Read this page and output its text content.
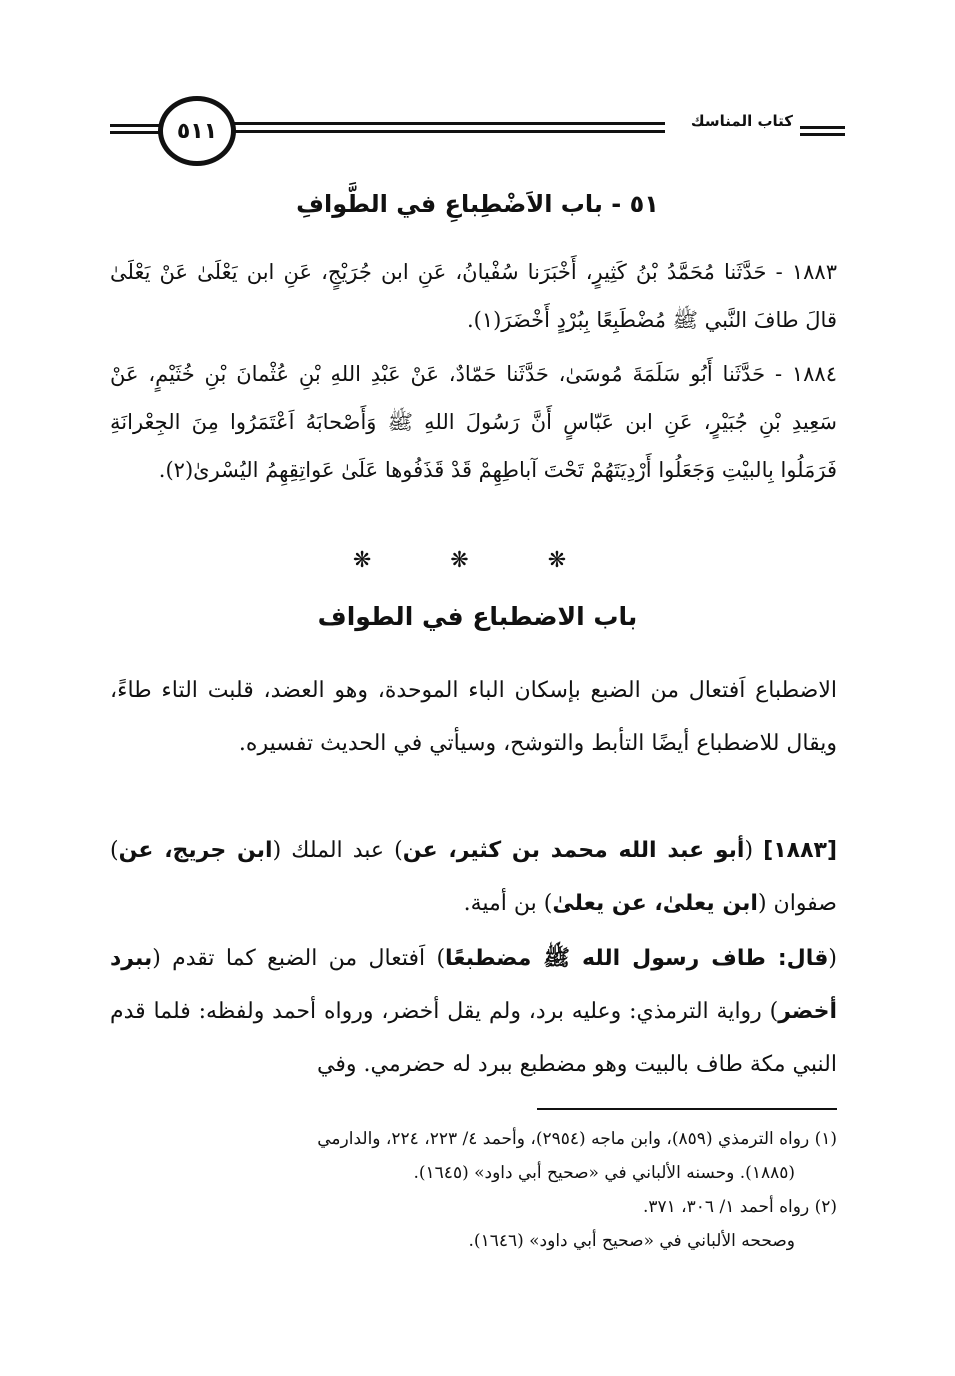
٥١١	كتاب المناسك
٥١ - باب الاَضْطِباعِ في الطَّوافِ
١٨٨٣ - حَدَّثَنا مُحَمَّدُ بْنُ كَثِيرٍ، أَخْبَرَنا سُفْيانُ، عَنِ ابن جُرَيْجٍ، عَنِ ابن يَعْلَىٰ عَنْ يَعْلَىٰ قالَ طافَ النَّبي ﷺ مُضْطَبِعًا بِبُرْدٍ أَخْضَرَ(١).
١٨٨٤ - حَدَّثَنا أَبُو سَلَمَةَ مُوسَىٰ، حَدَّثَنا حَمّادٌ، عَنْ عَبْدِ اللهِ بْنِ عُثْمانَ بْنِ خُثَيْمٍ، عَنْ سَعِيدِ بْنِ جُبَيْرٍ، عَنِ ابن عَبّاسٍ أَنَّ رَسُولَ اللهِ ﷺ وَأَصْحابَهُ اَعْتَمَرُوا مِنَ الجِعْرانَةِ فَرَمَلُوا بِالبيْتِ وَجَعَلُوا أَرْدِيَتَهُمْ تَحْتَ آباطِهِمْ قَدْ قَذَفُوها عَلَىٰ عَواتِقِهِمُ اليُسْرىٰ(٢).
❋ ❋ ❋
باب الاضطباع في الطواف
الاضطباع اَفتعال من الضبع بإسكان الباء الموحدة، وهو العضد، قلبت التاء طاءً، ويقال للاضطباع أيضًا التأبط والتوشح، وسيأتي في الحديث تفسيره.
[١٨٨٣] (أبو عبد الله محمد بن كثير، عن) عبد الملك (ابن جريج، عن) صفوان (ابن يعلىٰ، عن يعلىٰ) بن أمية.
(قال: طاف رسول الله ﷺ مضطبعًا) اَفتعال من الضبع كما تقدم (ببرد أخضر) رواية الترمذي: وعليه برد، ولم يقل أخضر، ورواه أحمد ولفظه: فلما قدم النبي مكة طاف بالبيت وهو مضطبع ببرد له حضرمي. وفي
(١) رواه الترمذي (٨٥٩)، وابن ماجه (٢٩٥٤)، وأحمد ٤/ ٢٢٣، ٢٢٤، والدارمي
(١٨٨٥). وحسنه الألباني في «صحيح أبي داود» (١٦٤٥).
(٢) رواه أحمد ١/ ٣٠٦، ٣٧١.
وصححه الألباني في «صحيح أبي داود» (١٦٤٦).
